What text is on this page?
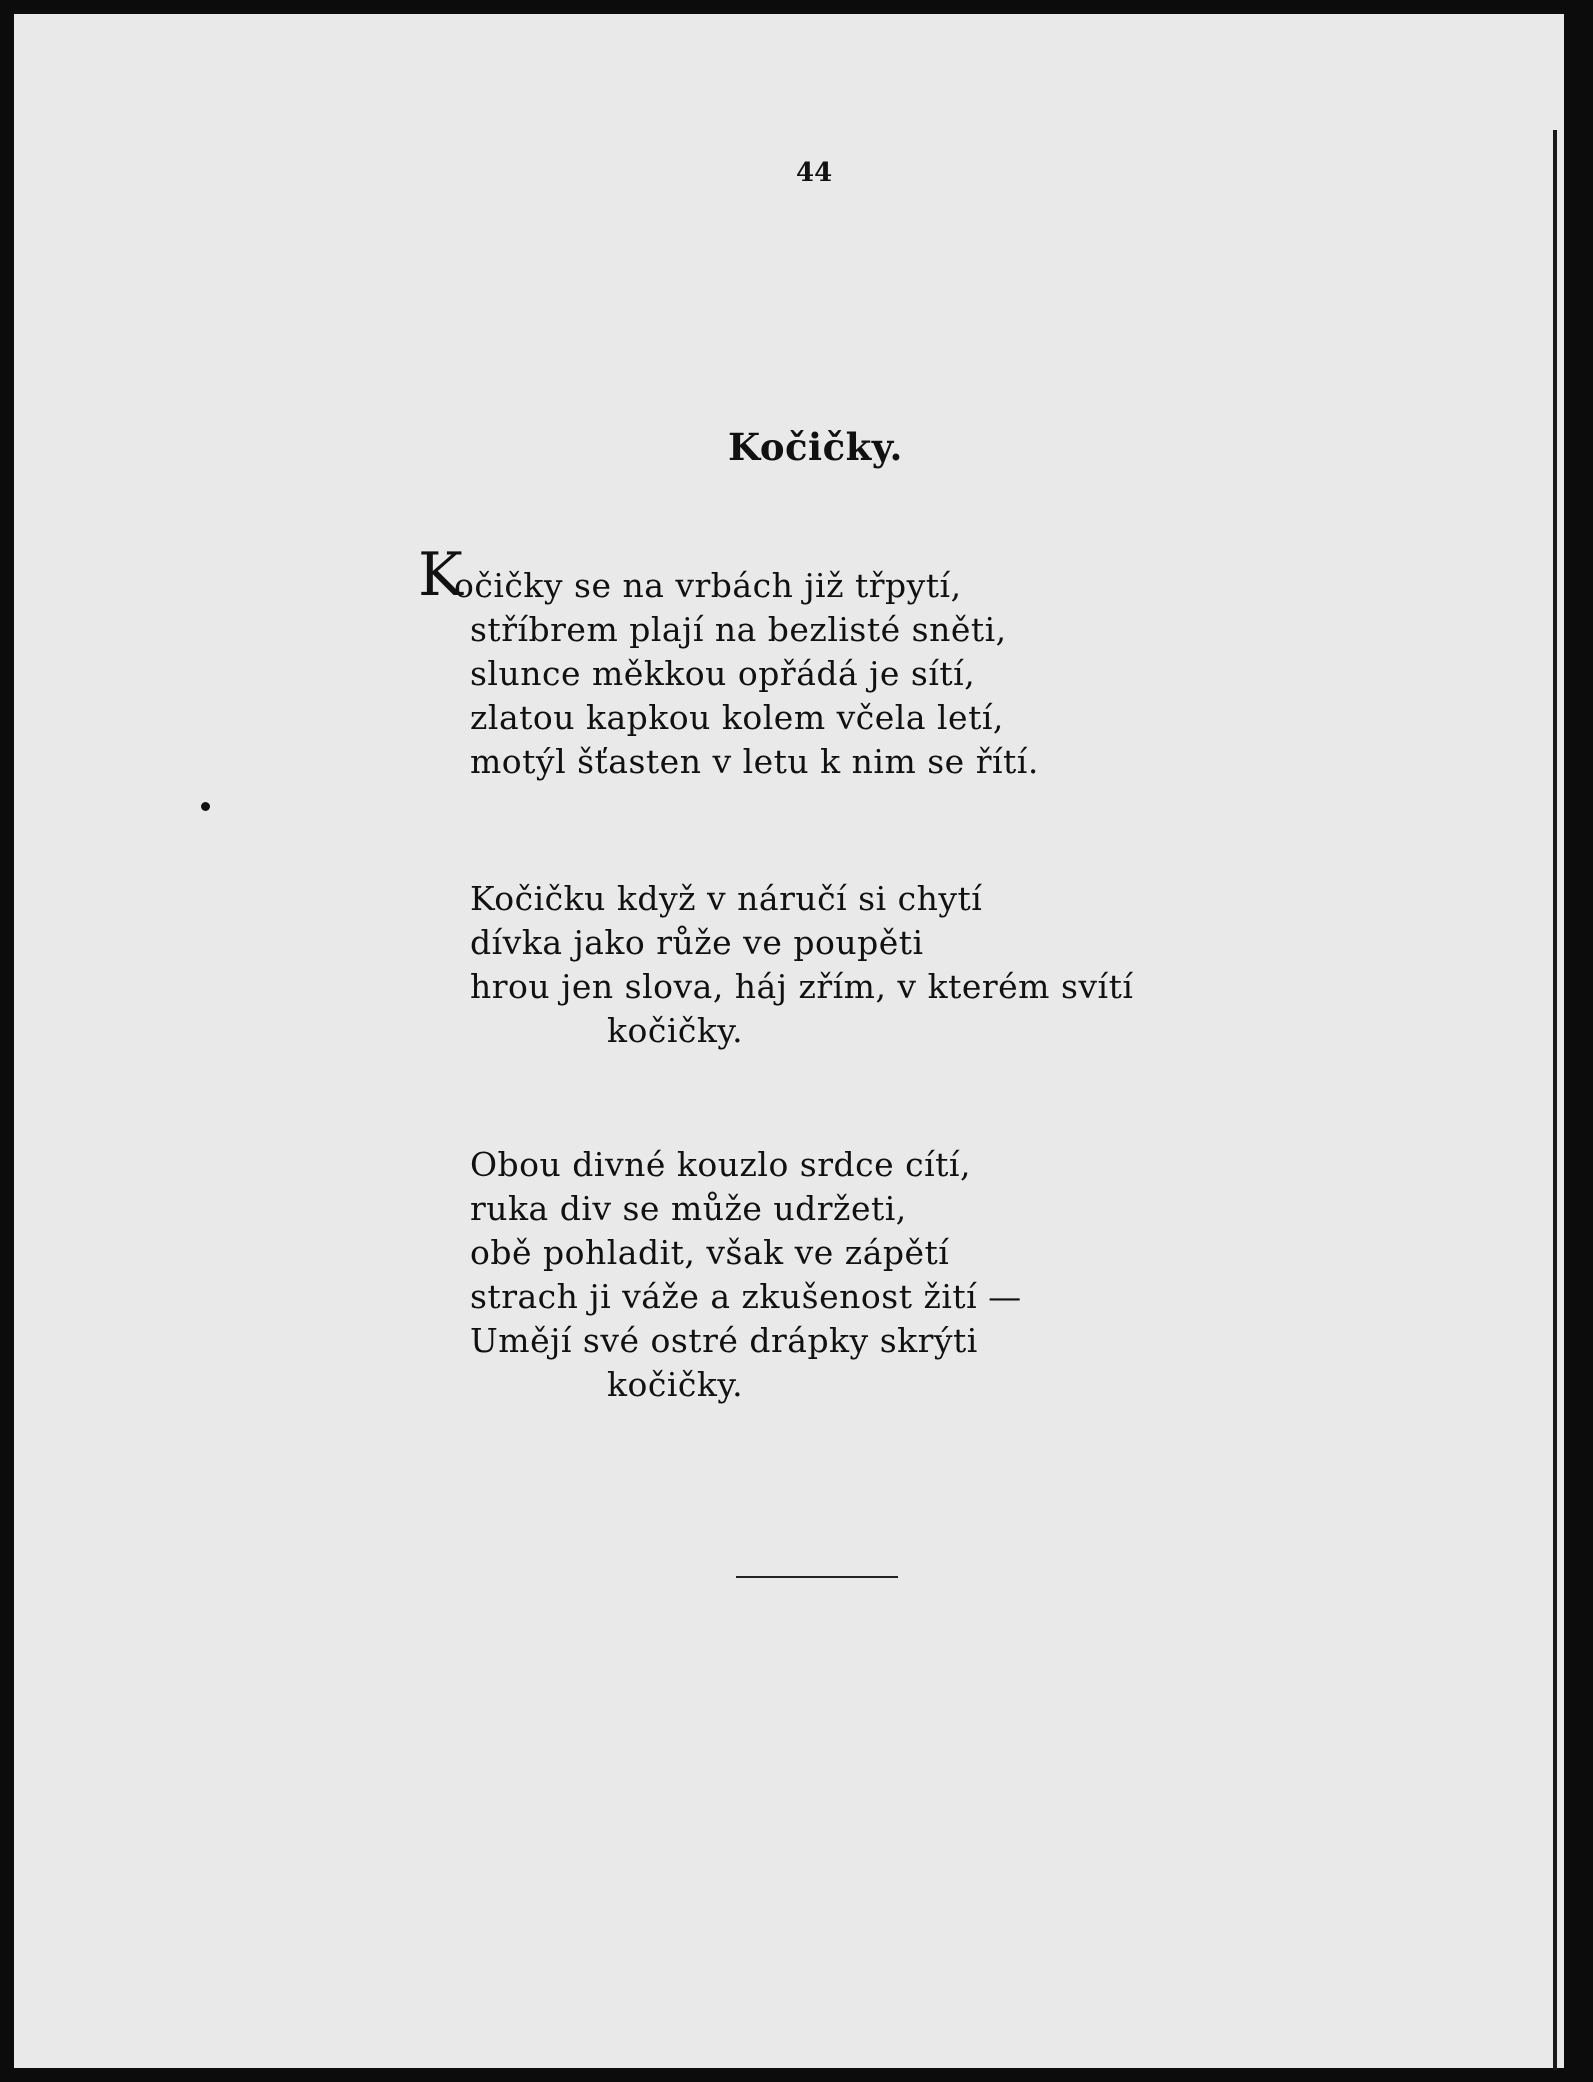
44
Kočičky.
K
očičky se na vrbách již třpytí,
stříbrem plají na bezlisté sněti,
slunce měkkou opřádá je sítí,
zlatou kapkou kolem včela letí,
motýl šťasten v letu k nim se řítí.
Kočičku když v náručí si chytí
dívka jako růže ve poupěti
hrou jen slova, háj zřím, v kterém svítí
kočičky.
Obou divné kouzlo srdce cítí,
ruka div se může udržeti,
obě pohladit, však ve zápětí
strach ji váže a zkušenost žití —
Umějí své ostré drápky skrýti
kočičky.
